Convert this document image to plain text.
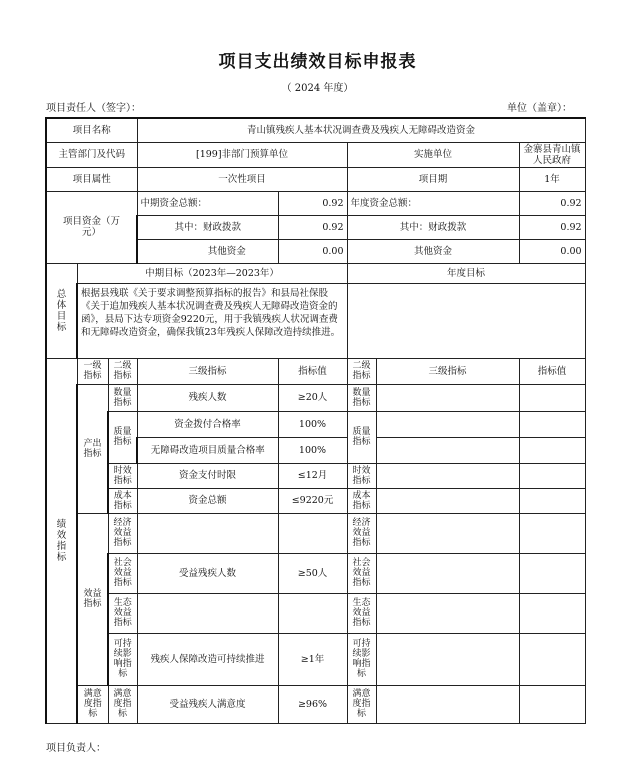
项目支出绩效目标申报表
（ 2024 年度）
项目责任人（签字）：	单位（盖章）：
项目名称			青山镇残疾人基本状况调查费及残疾人无障碍改造资金				
主管部门及代码			[199]非部门预算单位		实施单位		金寨县青山镇人民政府
项目属性			一次性项目		项目期		1年
项目资金（万元）			中期资金总额：	0.92	年度资金总额：		0.92
			其中：财政拨款	0.92	其中：财政拨款		0.92
			其他资金	0.00	其他资金		0.00
总体目标	中期目标（2023年—2023年）				年度目标		
	根据县残联《关于要求调整预算指标的报告》和县局社保股《关于追加残疾人基本状况调查费及残疾人无障碍改造资金的函》，县局下达专项资金9220元，用于我镇残疾人状况调查费和无障碍改造资金，确保我镇23年残疾人保障改造持续推进。						
绩效指标	一级指标	二级指标	三级指标	指标值	二级指标	三级指标	指标值
	产出指标	数量指标	残疾人数	≥20人	数量指标		
		质量指标	资金拨付合格率	100%	质量指标		
			无障碍改造项目质量合格率	100%			
		时效指标	资金支付时限	≤12月	时效指标		
		成本指标	资金总额	≤9220元	成本指标		
	效益指标	经济效益指标			经济效益指标		
		社会效益指标	受益残疾人数	≥50人	社会效益指标		
		生态效益指标			生态效益指标		
		可持续影响指标	残疾人保障改造可持续推进	≥1年	可持续影响指标		
	满意度指标	满意度指标	受益残疾人满意度	≥96%	满意度指标		
项目负责人：
